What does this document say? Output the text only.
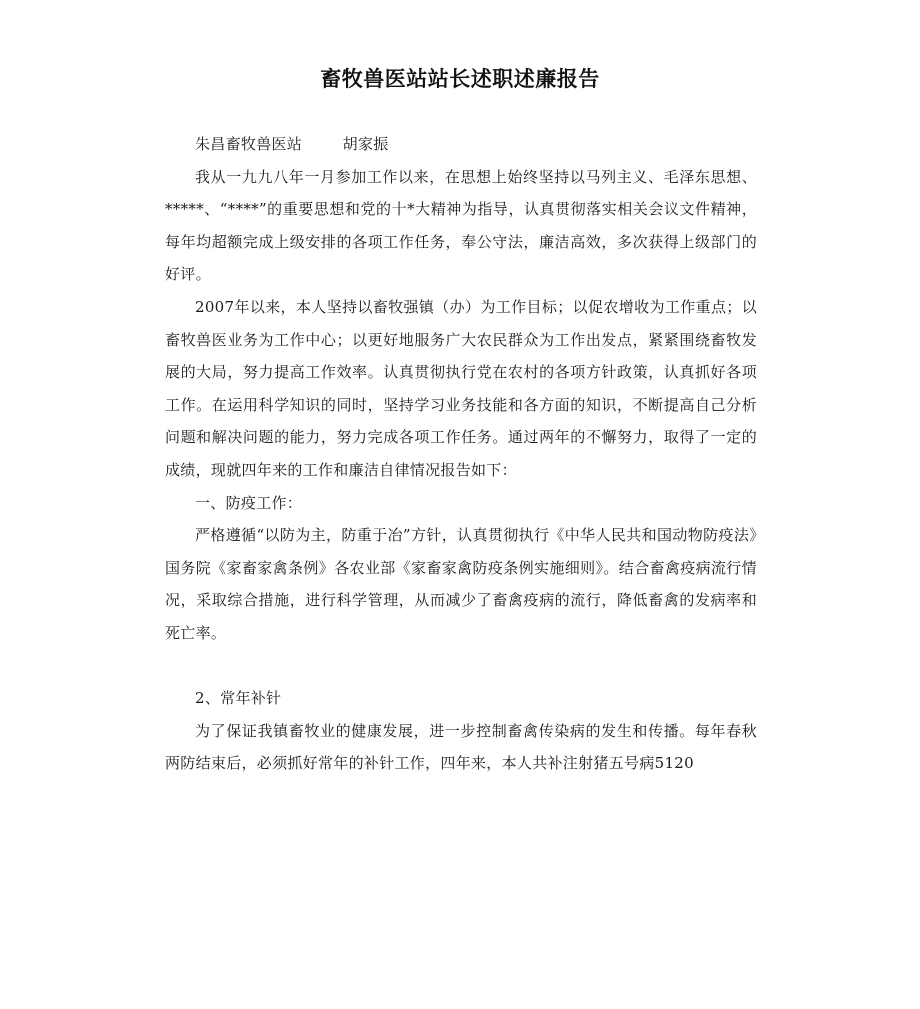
畜牧兽医站站长述职述廉报告

朱昌畜牧兽医站        胡家振

我从一九九八年一月参加工作以来，在思想上始终坚持以马列主义、毛泽东思想、*****、“****”的重要思想和党的十*大精神为指导，认真贯彻落实相关会议文件精神，每年均超额完成上级安排的各项工作任务，奉公守法，廉洁高效，多次获得上级部门的好评。

2007年以来，本人坚持以畜牧强镇（办）为工作目标；以促农增收为工作重点；以畜牧兽医业务为工作中心；以更好地服务广大农民群众为工作出发点，紧紧围绕畜牧发展的大局，努力提高工作效率。认真贯彻执行党在农村的各项方针政策，认真抓好各项工作。在运用科学知识的同时，坚持学习业务技能和各方面的知识，不断提高自己分析问题和解决问题的能力，努力完成各项工作任务。通过两年的不懈努力，取得了一定的成绩，现就四年来的工作和廉洁自律情况报告如下：

一、防疫工作：

严格遵循“以防为主，防重于冶”方针，认真贯彻执行《中华人民共和国动物防疫法》国务院《家畜家禽条例》各农业部《家畜家禽防疫条例实施细则》。结合畜禽疫病流行情况，采取综合措施，进行科学管理，从而减少了畜禽疫病的流行，降低畜禽的发病率和死亡率。

2、常年补针

为了保证我镇畜牧业的健康发展，进一步控制畜禽传染病的发生和传播。每年春秋两防结束后，必须抓好常年的补针工作，四年来，本人共补注射猪五号病5120
